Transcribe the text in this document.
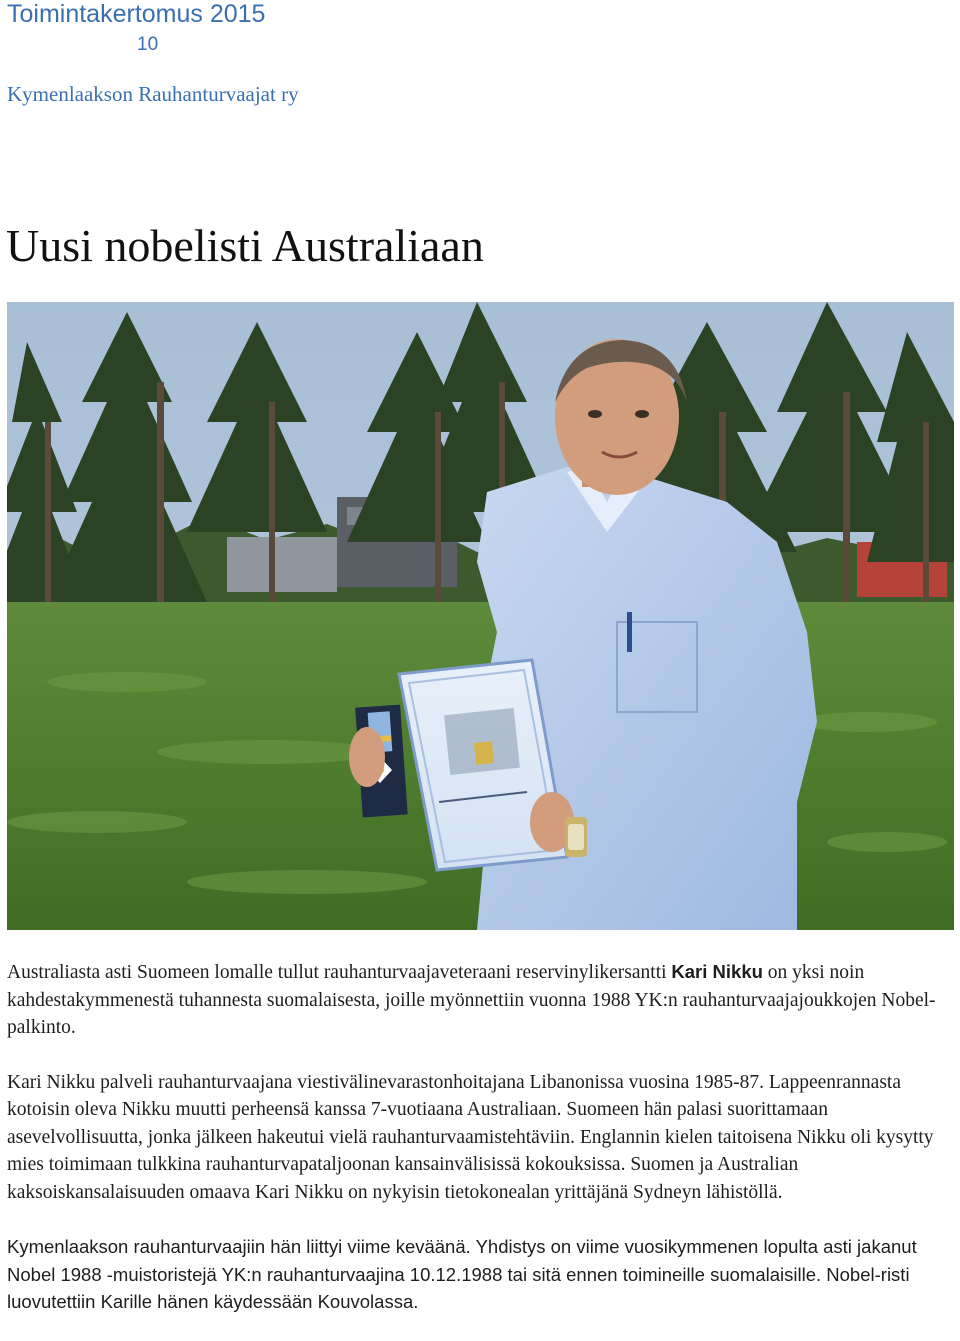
Toimintakertomus 2015
10
Kymenlaakson Rauhanturvaajat ry
Uusi nobelisti Australiaan

Australiasta asti Suomeen lomalle tullut rauhanturvaajaveteraani reservinylikersantti Kari Nikku on yksi noin kahdestakymmenestä tuhannesta suomalaisesta, joille myönnettiin vuonna 1988 YK:n rauhanturvaajajoukkojen Nobel-palkinto.

Kari Nikku palveli rauhanturvaajana viestivälinevarastonhoitajana Libanonissa vuosina 1985-87. Lappeenrannasta kotoisin oleva Nikku muutti perheensä kanssa 7-vuotiaana Australiaan. Suomeen hän palasi suorittamaan asevelvollisuutta, jonka jälkeen hakeutui vielä rauhanturvaamistehtäviin. Englannin kielen taitoisena Nikku oli kysytty mies toimimaan tulkkina rauhanturvapataljoonan kansainvälisissä kokouksissa. Suomen ja Australian kaksoiskansalaisuuden omaava Kari Nikku on nykyisin tietokonealan yrittäjänä Sydneyn lähistöllä.

Kymenlaakson rauhanturvaajiin hän liittyi viime keväänä. Yhdistys on viime vuosikymmenen lopulta asti jakanut Nobel 1988 -muistoristejä YK:n rauhanturvaajina 10.12.1988 tai sitä ennen toimineille suomalaisille. Nobel-risti luovutettiin Karille hänen käydessään Kouvolassa.
